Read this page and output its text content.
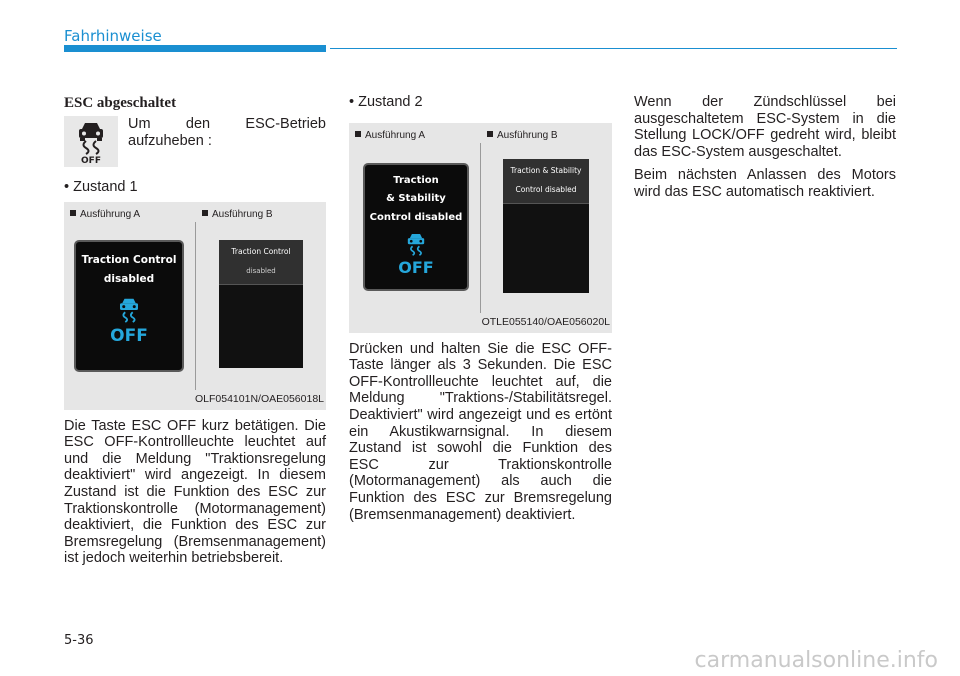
Fahrhinweise
ESC abgeschaltet
OFF
Um den ESC-Betrieb aufzuheben :
• Zustand 1
Ausführung A	Ausführung B
Traction Control
disabled
OFF
Traction Control
disabled
OLF054101N/OAE056018L

Die Taste ESC OFF kurz betätigen. Die ESC OFF-Kontrollleuchte leuchtet auf und die Meldung "Traktionsregelung deaktiviert" wird angezeigt. In diesem Zustand ist die Funktion des ESC zur Traktionskontrolle (Motormanagement) deaktiviert, die Funktion des ESC zur Bremsregelung (Bremsenmanagement) ist jedoch weiterhin betriebsbereit.

• Zustand 2
Ausführung A	Ausführung B
Traction
& Stability
Control disabled
OFF
Traction & Stability
Control disabled
OTLE055140/OAE056020L

Drücken und halten Sie die ESC OFF-Taste länger als 3 Sekunden. Die ESC OFF-Kontrollleuchte leuchtet auf, die Meldung "Traktions-/Stabilitätsregel. Deaktiviert" wird angezeigt und es ertönt ein Akustikwarnsignal. In diesem Zustand ist sowohl die Funktion des ESC zur Traktionskontrolle (Motormanagement) als auch die Funktion des ESC zur Bremsregelung (Bremsenmanagement) deaktiviert.

Wenn der Zündschlüssel bei ausgeschaltetem ESC-System in die Stellung LOCK/OFF gedreht wird, bleibt das ESC-System ausgeschaltet.

Beim nächsten Anlassen des Motors wird das ESC automatisch reaktiviert.

5-36
carmanualsonline.info
